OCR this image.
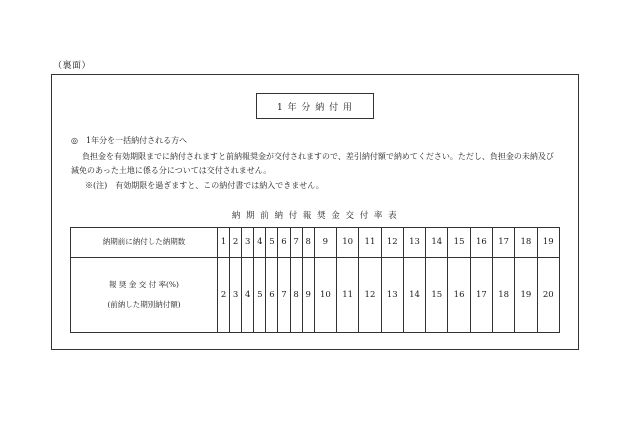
（裏面）
1 年 分 納 付 用
◎　1年分を一括納付される方へ
負担金を有効期限までに納付されますと前納報奨金が交付されますので、差引納付額で納めてください。ただし、負担金の未納及び
減免のあった土地に係る分については交付されません。
※(注)　有効期限を過ぎますと、この納付書では納入できません。
納 期 前 納 付 報 奨 金 交 付 率 表
納期前に納付した納期数	1	2	3	4	5	6	7	8	9	10	11	12	13	14	15	16	17	18	19
報 奨 金 交 付 率(%)
(前納した期別納付額)	2	3	4	5	6	7	8	9	10	11	12	13	14	15	16	17	18	19	20
